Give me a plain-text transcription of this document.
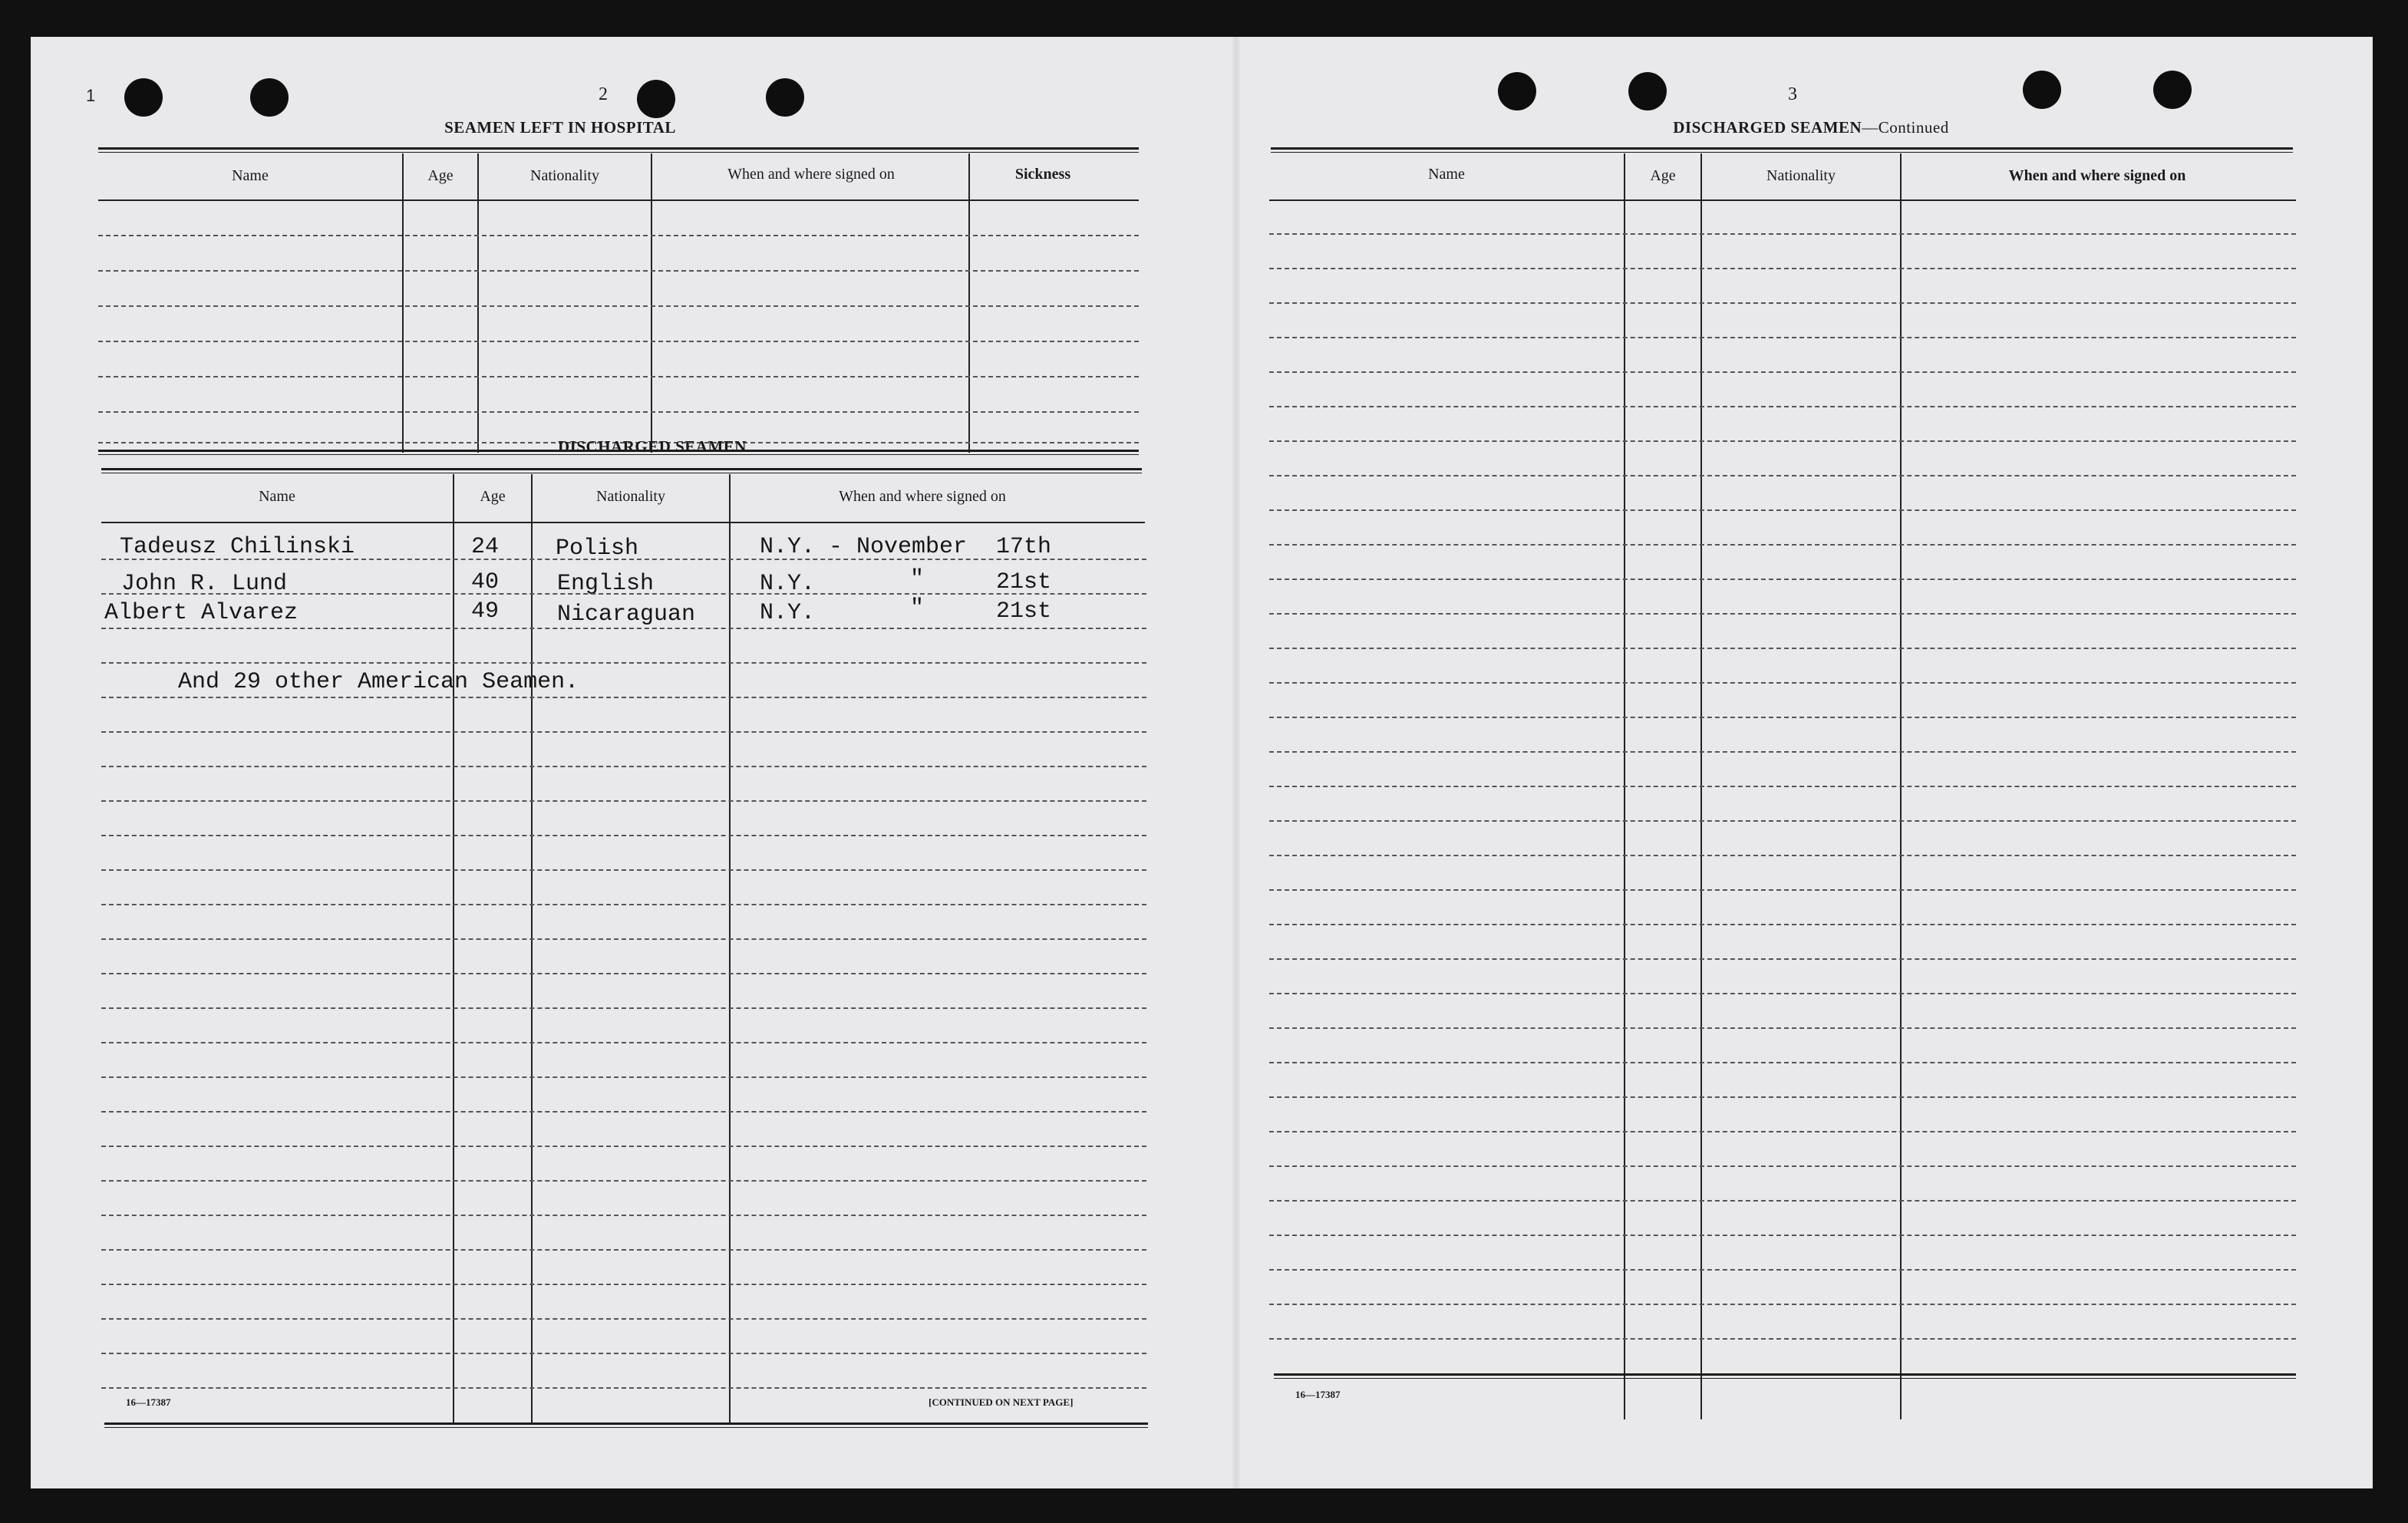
1	2
SEAMEN LEFT IN HOSPITAL
Name	Age	Nationality	When and where signed on	Sickness
DISCHARGED SEAMEN
Name	Age	Nationality	When and where signed on
Tadeusz Chilinski	24 Polish	N.Y. - November 17th
John R. Lund	40	English	N.Y.	"	21st
Albert Alvarez	49	Nicaraguan	N.Y.	"	21st
And 29 other American Seamen.
16—17387	[CONTINUED ON NEXT PAGE]
3
DISCHARGED SEAMEN—Continued
Name	Age	Nationality	When and where signed on
16—17387
